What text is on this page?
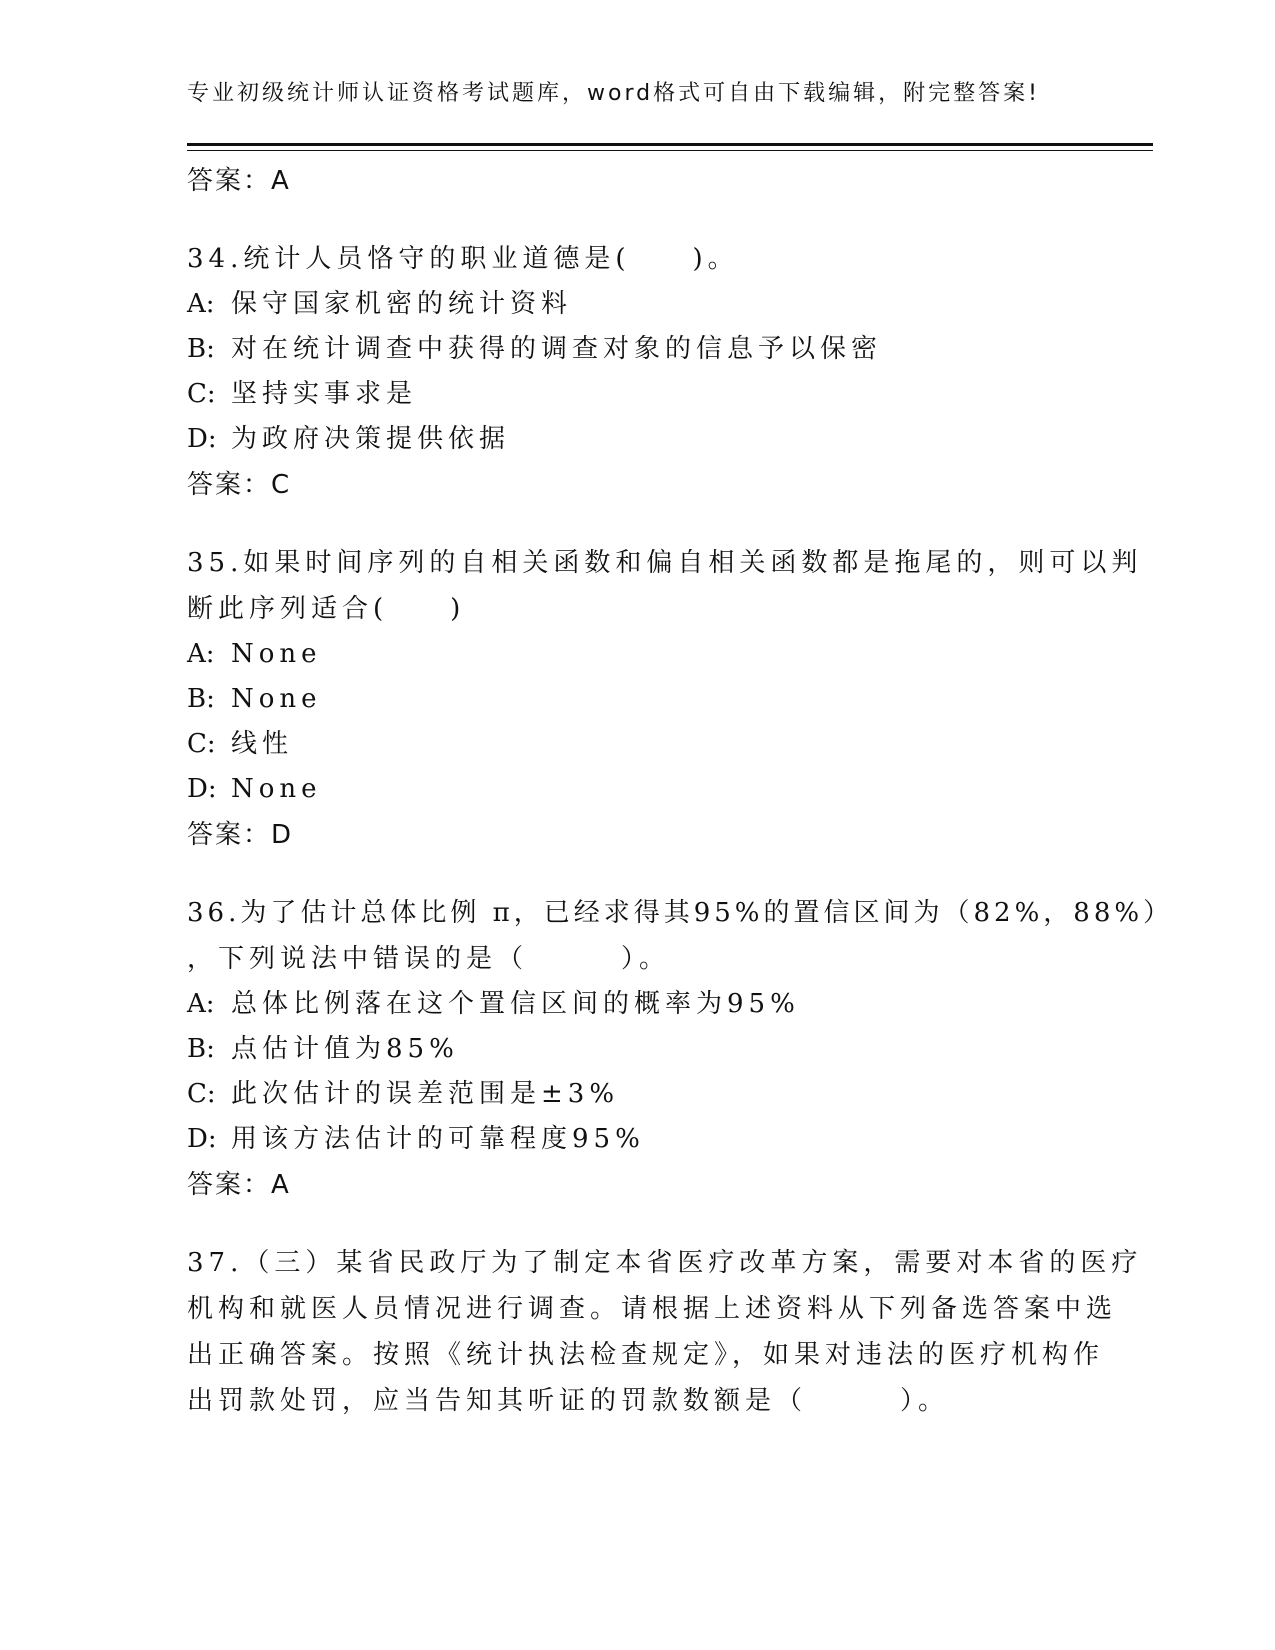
专业初级统计师认证资格考试题库，word格式可自由下载编辑，附完整答案!
答案：A
34.统计人员恪守的职业道德是(　　)。
A: 保守国家机密的统计资料
B: 对在统计调查中获得的调查对象的信息予以保密
C: 坚持实事求是
D: 为政府决策提供依据
答案：C
35.如果时间序列的自相关函数和偏自相关函数都是拖尾的，则可以判
断此序列适合(　　)
A: None
B: None
C: 线性
D: None
答案：D
36.为了估计总体比例 π，已经求得其95%的置信区间为（82%，88%）
，下列说法中错误的是（　　　）。
A: 总体比例落在这个置信区间的概率为95%
B: 点估计值为85%
C: 此次估计的误差范围是±3%
D: 用该方法估计的可靠程度95%
答案：A
37.（三）某省民政厅为了制定本省医疗改革方案，需要对本省的医疗
机构和就医人员情况进行调查。请根据上述资料从下列备选答案中选
出正确答案。按照《统计执法检查规定》，如果对违法的医疗机构作
出罚款处罚，应当告知其听证的罚款数额是（　　　）。
